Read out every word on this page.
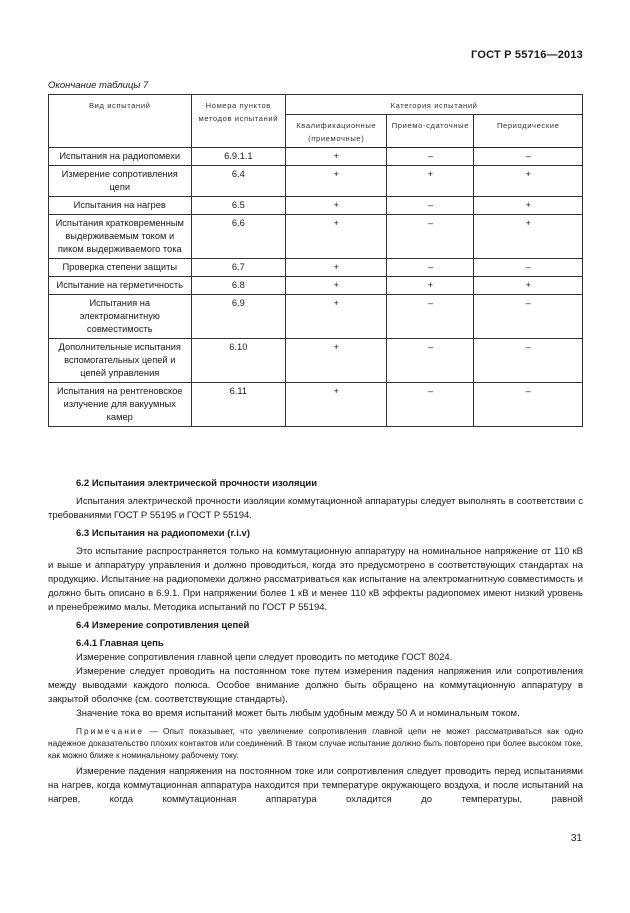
ГОСТ Р 55716—2013
Окончание таблицы 7
Вид испытаний	Номера пунктов методов испытаний	Категория испытаний		
		Квалификационные (приемочные)	Приемо-сдаточные	Периодические
Испытания на радиопомехи	6.9.1.1	+	–	–
Измерение сопротивления цепи	6.4	+	+	+
Испытания на нагрев	6.5	+	–	+
Испытания кратковременным выдерживаемым током и пиком выдерживаемого тока	6.6	+	–	+
Проверка степени защиты	6.7	+	–	–
Испытание на герметичность	6.8	+	+	+
Испытания на электромагнитную совместимость	6.9	+	–	–
Дополнительные испытания вспомогательных цепей и цепей управления	6.10	+	–	–
Испытания на рентгеновское излучение для вакуумных камер	6.11	+	–	–
6.2 Испытания электрической прочности изоляции

Испытания электрической прочности изоляции коммутационной аппаратуры следует выполнять в соответствии с требованиями ГОСТ Р 55195 и ГОСТ Р 55194.

6.3 Испытания на радиопомехи (r.i.v)

Это испытание распространяется только на коммутационную аппаратуру на номинальное напряжение от 110 кВ и выше и аппаратуру управления и должно проводиться, когда это предусмотрено в соответствующих стандартах на продукцию. Испытание на радиопомехи должно рассматриваться как испытание на электромагнитную совместимость и должно быть описано в 6.9.1. При напряжении более 1 кВ и менее 110 кВ эффекты радиопомех имеют низкий уровень и пренебрежимо малы. Методика испытаний по ГОСТ Р 55194.

6.4 Измерение сопротивления цепей
6.4.1 Главная цепь

Измерение сопротивления главной цепи следует проводить по методике ГОСТ 8024.

Измерение следует проводить на постоянном токе путем измерения падения напряжения или сопротивления между выводами каждого полюса. Особое внимание должно быть обращено на коммутационную аппаратуру в закрытой оболочке (см. соответствующие стандарты).

Значение тока во время испытаний может быть любым удобным между 50 А и номинальным током.

Примечание — Опыт показывает, что увеличение сопротивления главной цепи не может рассматриваться как одно надежное доказательство плохих контактов или соединений. В таком случае испытание должно быть повторено при более высоком токе, как можно ближе к номинальному рабочему току.

Измерение падения напряжения на постоянном токе или сопротивления следует проводить перед испытаниями на нагрев, когда коммутационная аппаратура находится при температуре окружающего воздуха, и после испытаний на нагрев, когда коммутационная аппаратура охладится до температуры, равной

31
